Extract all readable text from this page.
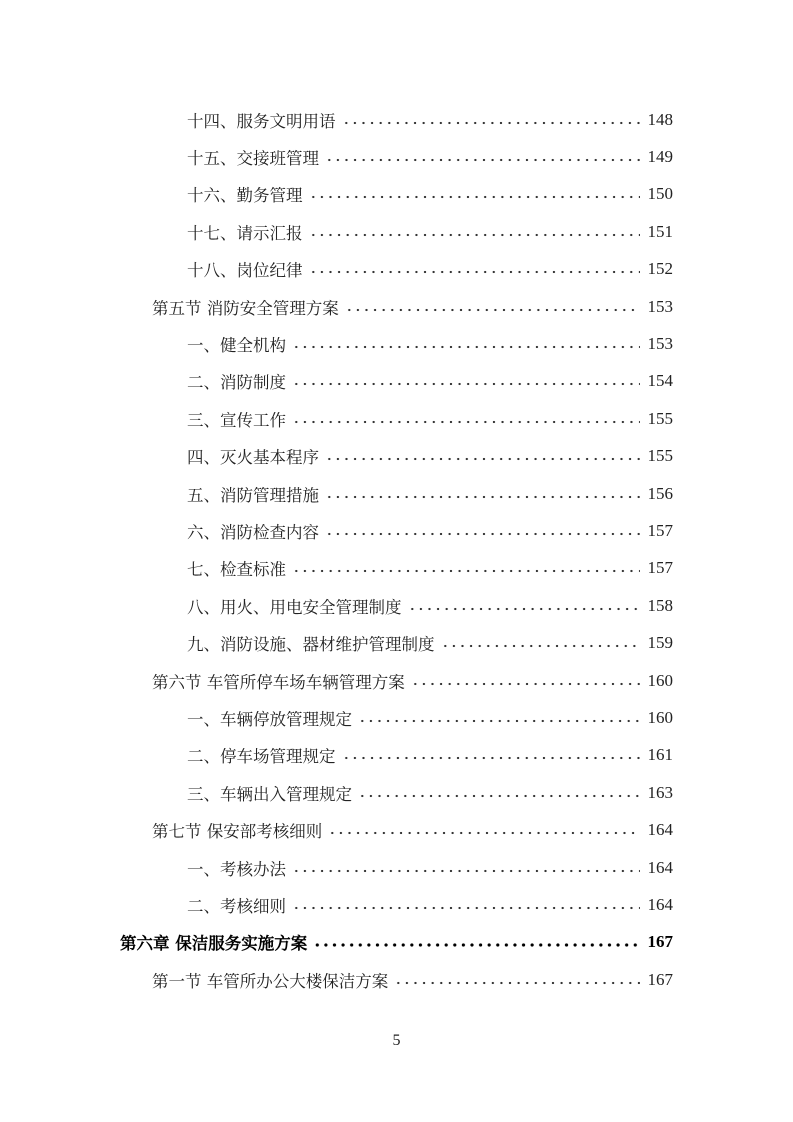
十四、服务文明用语	148
十五、交接班管理	149
十六、勤务管理	150
十七、请示汇报	151
十八、岗位纪律	152
第五节 消防安全管理方案	153
一、健全机构	153
二、消防制度	154
三、宣传工作	155
四、灭火基本程序	155
五、消防管理措施	156
六、消防检查内容	157
七、检查标准	157
八、用火、用电安全管理制度	158
九、消防设施、器材维护管理制度	159
第六节 车管所停车场车辆管理方案	160
一、车辆停放管理规定	160
二、停车场管理规定	161
三、车辆出入管理规定	163
第七节 保安部考核细则	164
一、考核办法	164
二、考核细则	164
第六章 保洁服务实施方案	167
第一节 车管所办公大楼保洁方案	167
5
